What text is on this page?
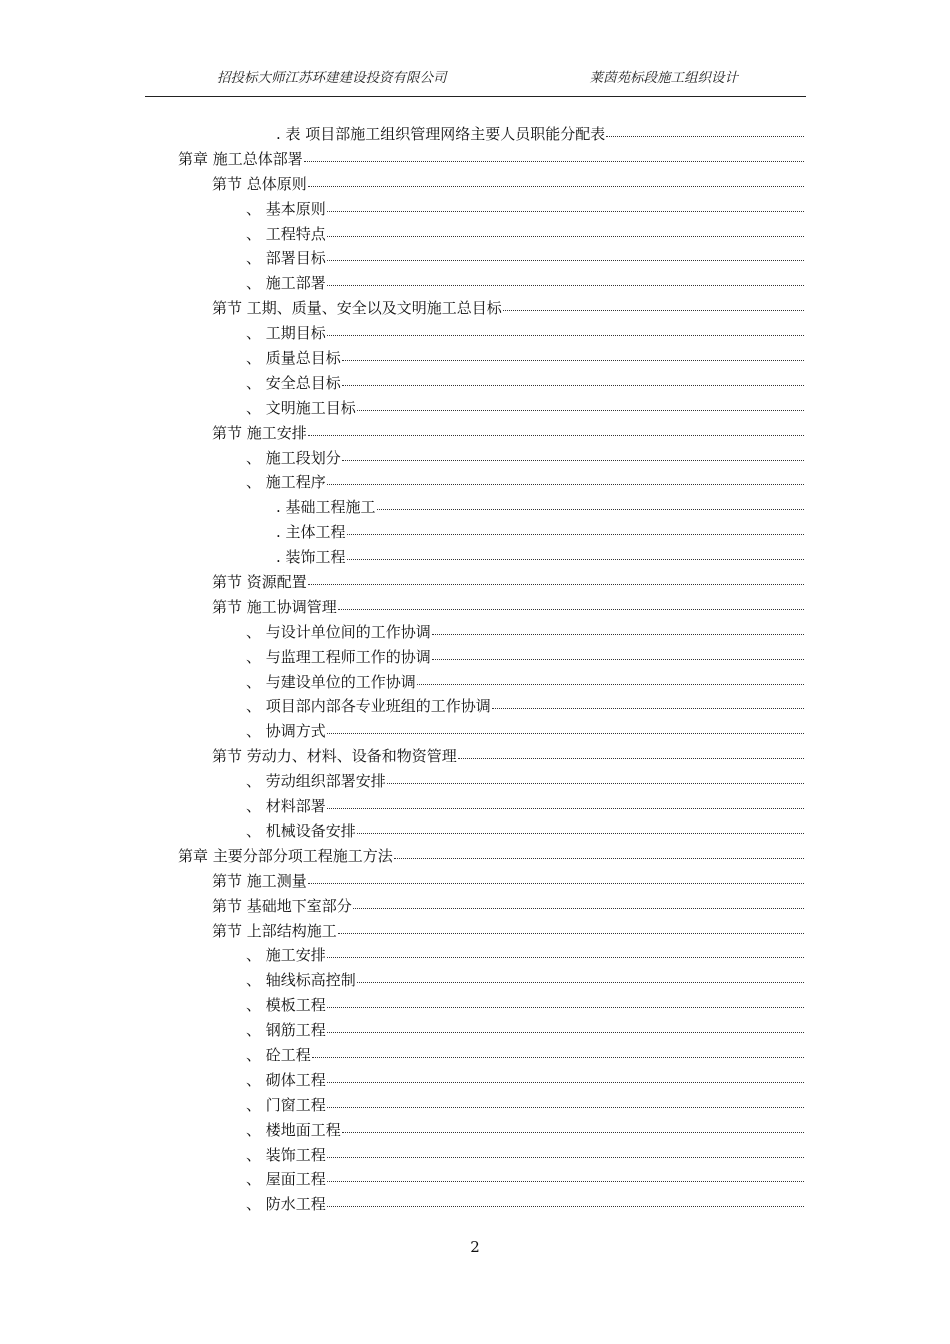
招投标大师江苏环建建设投资有限公司	莱茵苑标段施工组织设计
. 表 项目部施工组织管理网络主要人员职能分配表
第章 施工总体部署
第节 总体原则
、 基本原则
、 工程特点
、 部署目标
、 施工部署
第节 工期、质量、安全以及文明施工总目标
、 工期目标
、 质量总目标
、 安全总目标
、 文明施工目标
第节 施工安排
、 施工段划分
、 施工程序
. 基础工程施工
. 主体工程
. 装饰工程
第节 资源配置
第节 施工协调管理
、 与设计单位间的工作协调
、 与监理工程师工作的协调
、 与建设单位的工作协调
、 项目部内部各专业班组的工作协调
、 协调方式
第节 劳动力、材料、设备和物资管理
、 劳动组织部署安排
、 材料部署
、 机械设备安排
第章 主要分部分项工程施工方法
第节 施工测量
第节 基础地下室部分
第节 上部结构施工
、 施工安排
、 轴线标高控制
、 模板工程
、 钢筋工程
、 砼工程
、 砌体工程
、 门窗工程
、 楼地面工程
、 装饰工程
、 屋面工程
、 防水工程
2
